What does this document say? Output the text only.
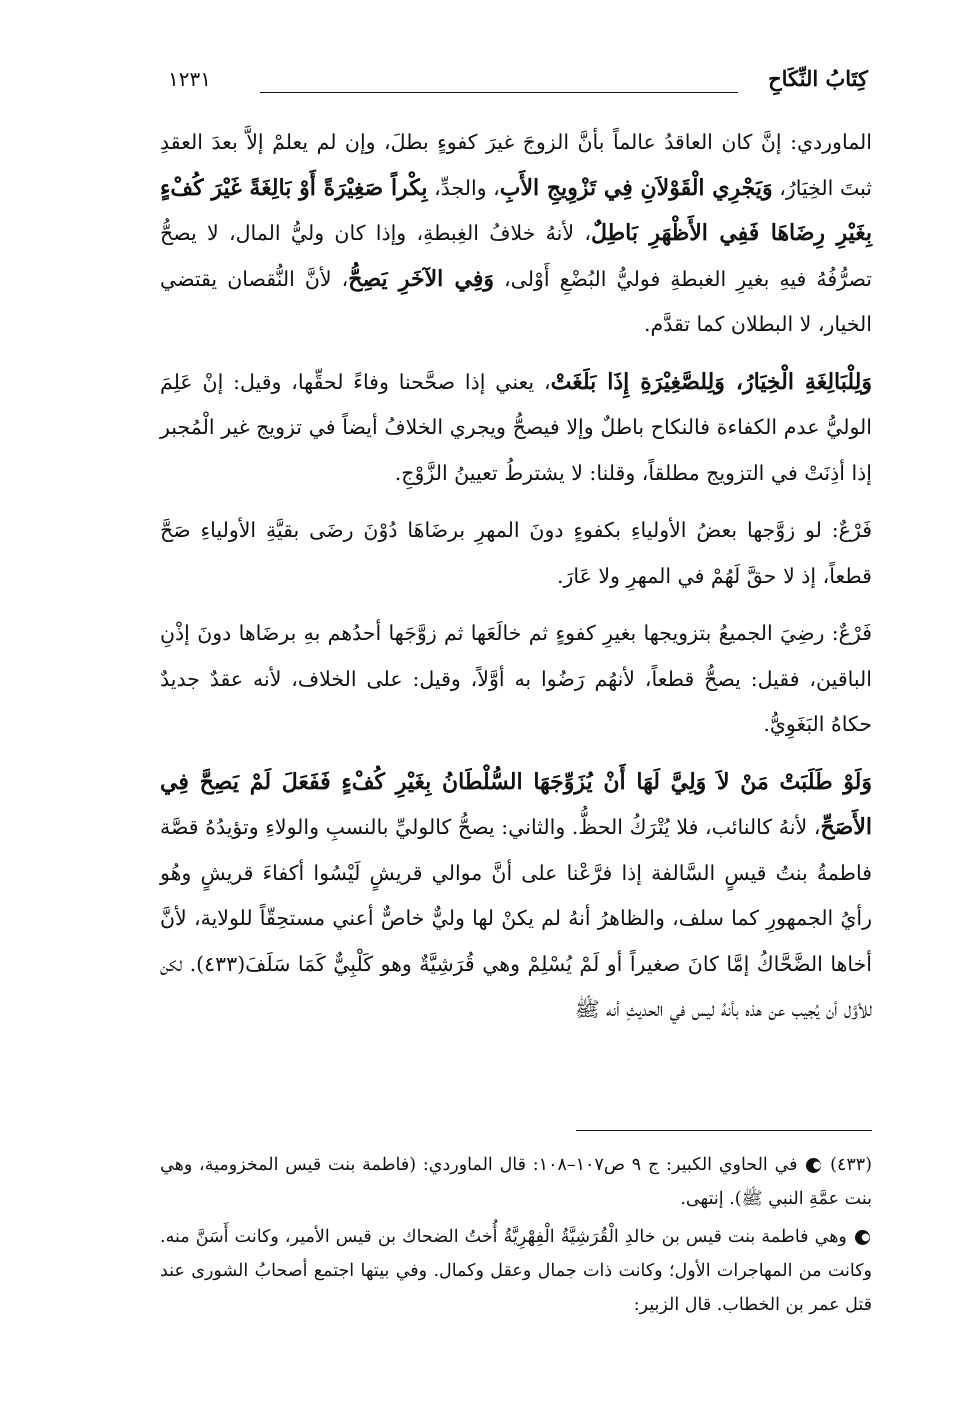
كِتَابُ النِّكَاحِ
١٢٣١

الماوردي: إنَّ كان العاقدُ عالماً بأنَّ الزوجَ غيرَ كفوءٍ بطلَ، وإن لم يعلمْ إلاَّ بعدَ العقدِ ثبتَ الخِيَارُ، وَيَجْرِي الْقَوْلاَنِ فِي تَزْوِيجِ الأَبِ، والجدِّ، بِكْراً صَغِيْرَةً أَوْ بَالِغَةً غَيْرَ كُفْءٍ بِغَيْرِ رِضَاهَا فَفِي الأَظْهَرِ بَاطِلٌ، لأنهُ خلافُ الغِبطةِ، وإذا كان وليُّ المال، لا يصحُّ تصرُّفُهُ فيهِ بغيرِ الغبطةِ فوليُّ البُضْعِ أَوْلى، وَفِي الآخَرِ يَصِحُّ، لأنَّ النُّقصان يقتضي الخيار، لا البطلان كما تقدَّم.

وَلِلْبَالِغَةِ الْخِيَارُ، وَلِلصَّغِيْرَةِ إِذَا بَلَغَتْ، يعني إذا صحَّحنا وفاءً لحقِّها، وقيل: إنْ عَلِمَ الوليُّ عدم الكفاءة فالنكاح باطلٌ وإلا فيصحُّ ويجري الخلافُ أيضاً في تزويج غير الْمُجبر إذا أذِنَتْ في التزويج مطلقاً، وقلنا: لا يشترطُ تعيينُ الزَّوْجِ.

فَرْعٌ: لو زوَّجها بعضُ الأولياءِ بكفوءٍ دونَ المهرِ برضَاهَا دُوْنَ رضَى بقيَّةِ الأولياءِ صَحَّ قطعاً، إذ لا حقَّ لَهُمْ في المهرِ ولا عَارَ.

فَرْعٌ: رضِيَ الجميعُ بتزويجها بغيرِ كفوءٍ ثم خالَعَها ثم زوَّجَها أحدُهم بهِ برضَاها دونَ إذْنِ الباقين، فقيل: يصحُّ قطعاً، لأنهُم رَضُوا به أوَّلاً، وقيل: على الخلاف، لأنه عقدٌ جديدٌ حكاهُ البَغَوِيُّ.

وَلَوْ طَلَبَتْ مَنْ لاَ وَلِيَّ لَهَا أَنْ يُزَوِّجَهَا السُّلْطَانُ بِغَيْرِ كُفْءٍ فَفَعَلَ لَمْ يَصِحَّ فِي الأَصَحِّ، لأنهُ كالنائب، فلا يُتْرَكُ الحظُّ. والثاني: يصحُّ كالوليِّ بالنسبِ والولاءِ وتؤيدُهُ قصَّة فاطمةُ بنتُ قيسٍ السَّالفة إذا فرَّعْنا على أنَّ موالي قريشٍ لَيْسُوا أكفاءَ قريشٍ وهُو رأيُ الجمهورِ كما سلف، والظاهرُ أنهُ لم يكنْ لها وليٌّ خاصٌّ أعني مستحِقّاً للولاية، لأنَّ أخاها الضَّحَّاكُ إمَّا كانَ صغيراً أو لَمْ يُسْلِمْ وهي قُرَشِيَّةٌ وهو كَلْبِيٌّ كَمَا سَلَفَ(٤٣٣). لكن للأوَّل أن يُجيب عن هذه بأنهُ ليس في الحديثِ أنه ﷺ

(٤٣٣) ● في الحاوي الكبير: ج ٩ ص١٠٧–١٠٨: قال الماوردي: (فاطمة بنت قيس المخزومية، وهي بنت عمَّةِ النبي ﷺ). إنتهى.

● وهي فاطمة بنت قيس بن خالدِ الْقُرَشِيَّةُ الْفِهْرِيَّةُ أُختُ الضحاك بن قيس الأمير، وكانت أَسَنَّ منه. وكانت من المهاجرات الأول؛ وكانت ذات جمال وعقل وكمال. وفي بيتها اجتمع أصحابُ الشورى عند قتل عمر بن الخطاب. قال الزبير:
